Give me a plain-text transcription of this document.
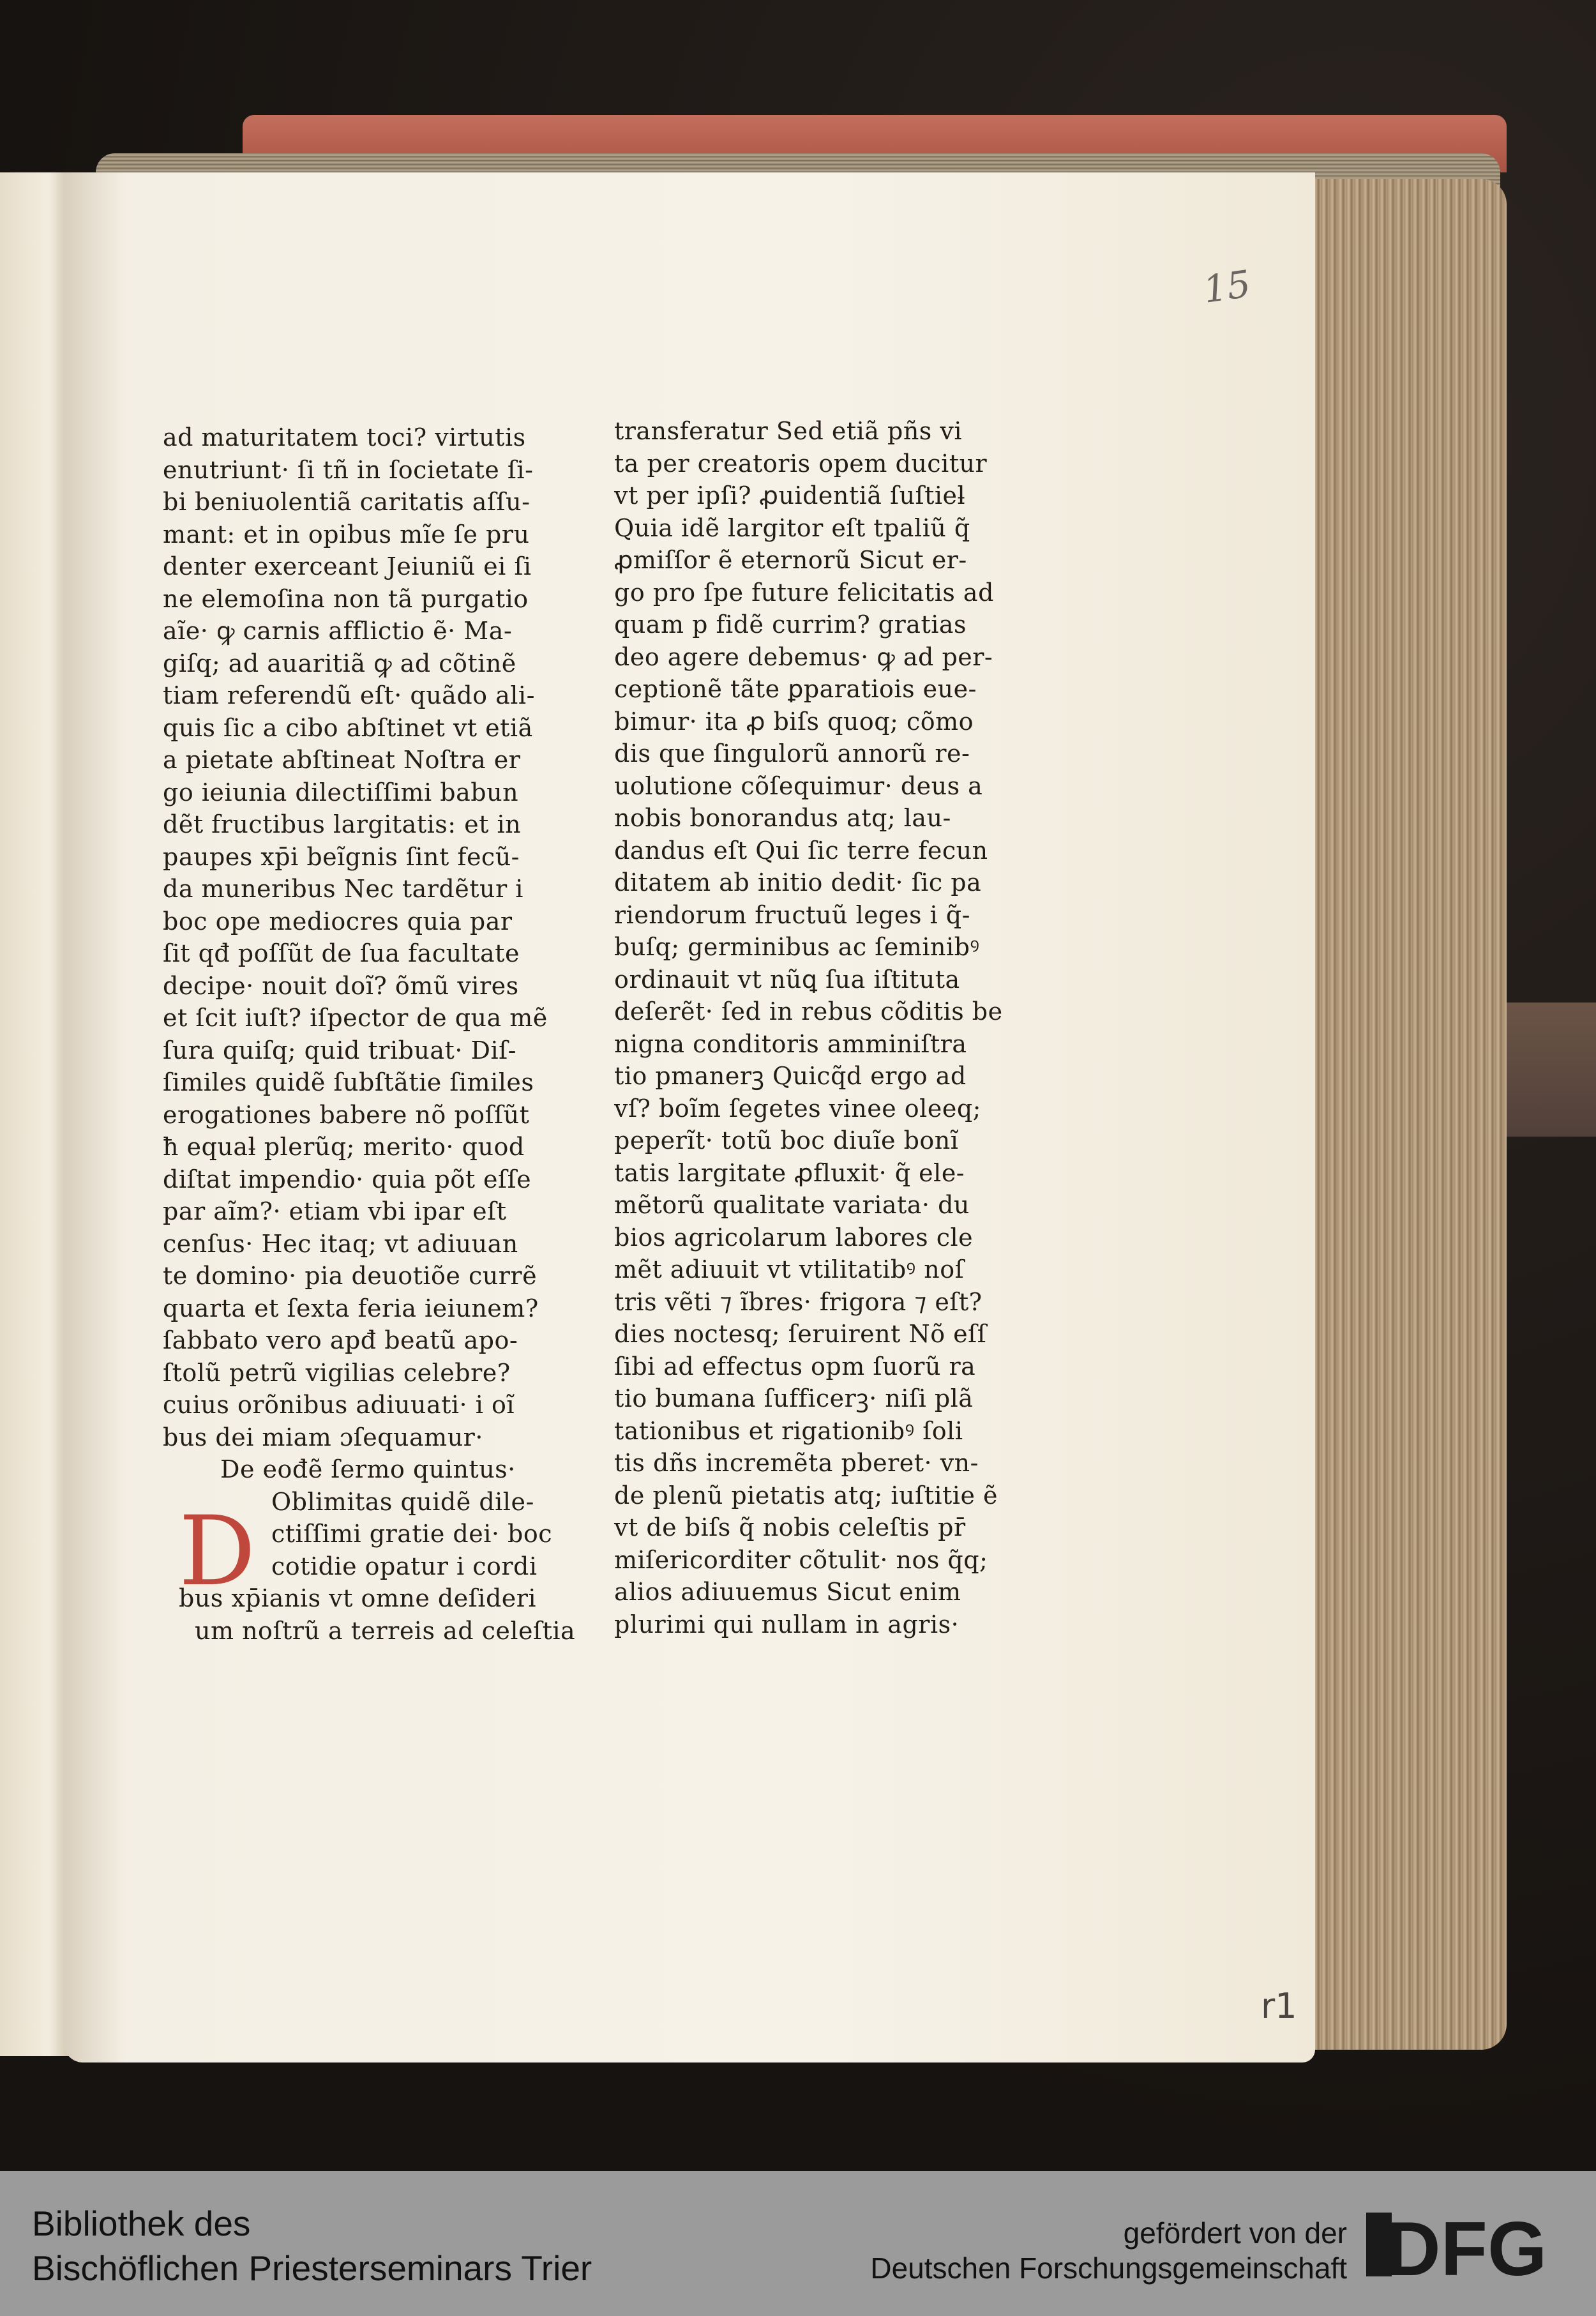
15
r1
ad maturitatem toci? virtutis
enutriunt· ſi tñ in ſocietate ſi-
bi beniuolentiã caritatis aſſu-
mant: et in opibus mĩe ſe pru
denter exerceant Jeiuniũ ei ſi
ne elemoſina non tã purgatio
aĩe· ꝙ carnis afflictio ẽ· Ma-
giſq; ad auaritiã ꝙ ad cõtinẽ
tiam referendũ eſt· quãdo ali-
quis ſic a cibo abſtinet vt etiã
a pietate abſtineat Noſtra er
go ieiunia dilectiſſimi babun
dẽt fructibus largitatis: et in
paupes xp̄i beĩgnis ſint fecũ-
da muneribus Nec tardẽtur i
boc ope mediocres quia par
ſit qđ poſſũt de ſua facultate
decipe· nouit doĩ? õmũ vires
et ſcit iuſt? iſpector de qua mẽ
ſura quiſq; quid tribuat· Diſ-
ſimiles quidẽ ſubſtãtie ſimiles
erogationes babere nõ poſſũt
ħ equaƚ plerũq; merito· quod
diſtat impendio· quia põt eſſe
par aĩm?· etiam vbi ipar eſt
cenſus· Hec itaq; vt adiuuan
te domino· pia deuotiõe currẽ
quarta et ſexta feria ieiunem?
ſabbato vero apđ beatũ apo-
ſtolũ petrũ vigilias celebre?
cuius orõnibus adiuuati· i oĩ
bus dei miam ɔſequamur·
De eođẽ ſermo quintus·
Oblimitas quidẽ dile-
ctiſſimi gratie dei· boc
cotidie opatur i cordi
bus xp̄ianis vt omne deſideri
um noſtrũ a terreis ad celeſtia
D
transferatur Sed etiã pñs vi
ta per creatoris opem ducitur
vt per ipſi? ꝓuidentiã ſuſtieƚ
Quia idẽ largitor eſt tpaliũ q̃
ꝓmiſſor ẽ eternorũ Sicut er-
go pro ſpe future felicitatis ad
quam p fidẽ currim? gratias
deo agere debemus· ꝙ ad per-
ceptionẽ tãte ꝑparatiois eue-
bimur· ita ꝓ biſs quoq; cõmo
dis que ſingulorũ annorũ re-
uolutione cõſequimur· deus a
nobis bonorandus atq; lau-
dandus eſt Qui ſic terre fecun
ditatem ab initio dedit· ſic pa
riendorum fructuũ leges i q̃-
buſq; germinibus ac ſeminibꝰ
ordinauit vt nũꝗ ſua iſtituta
deſerẽt· ſed in rebus cõditis be
nigna conditoris amminiſtra
tio pmanerꝫ Quicq̃d ergo ad
vſ? boĩm ſegetes vinee oleeq;
peperĩt· totũ boc diuĩe bonĩ
tatis largitate ꝓfluxit· q̃ ele-
mẽtorũ qualitate variata· du
bios agricolarum labores cle
mẽt adiuuit vt vtilitatibꝰ noſ
tris vẽti ⁊ ĩbres· frigora ⁊ eſt?
dies noctesq; ſeruirent Nõ eſſ
ſibi ad effectus opm ſuorũ ra
tio bumana ſufficerꝫ· niſi plã
tationibus et rigationibꝰ ſoli
tis dñs incremẽta pberet· vn-
de plenũ pietatis atq; iuſtitie ẽ
vt de biſs q̃ nobis celeſtis pr̄
miſericorditer cõtulit· nos q̃q;
alios adiuuemus Sicut enim
plurimi qui nullam in agris·
Bibliothek des
Bischöflichen Priesterseminars Trier
gefördert von der
Deutschen Forschungsgemeinschaft DFG
